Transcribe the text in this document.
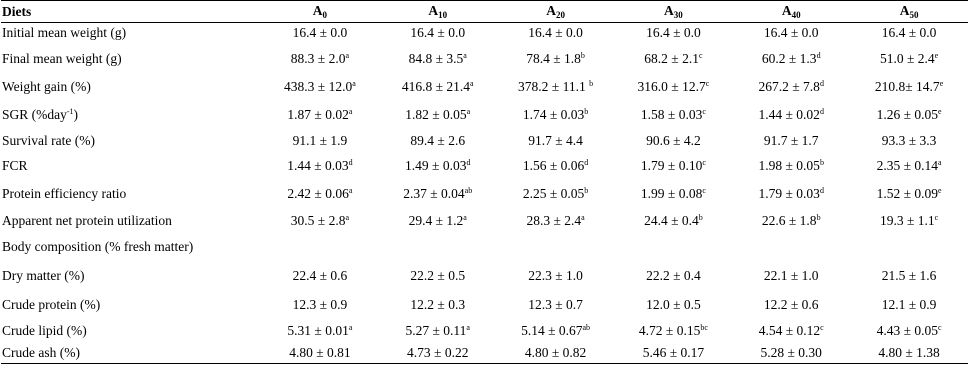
Diets	$A_0$	$A_{10}$	$A_{20}$	$A_{30}$	$A_{40}$	$A_{50}$
Initial mean weight (g)	16.4 ± 0.0	16.4 ± 0.0	16.4 ± 0.0	16.4 ± 0.0	16.4 ± 0.0	16.4 ± 0.0
Final mean weight (g)	88.3 ± 2.0$^a$	84.8 ± 3.5$^a$	78.4 ± 1.8$^b$	68.2 ± 2.1$^c$	60.2 ± 1.3$^d$	51.0 ± 2.4$^e$
Weight gain (%)	438.3 ± 12.0$^a$	416.8 ± 21.4$^a$	378.2 ± 11.1 $^b$	316.0 ± 12.7$^c$	267.2 ± 7.8$^d$	210.8± 14.7$^e$
SGR (%day$^{-1}$)	1.87 ± 0.02$^a$	1.82 ± 0.05$^a$	1.74 ± 0.03$^b$	1.58 ± 0.03$^c$	1.44 ± 0.02$^d$	1.26 ± 0.05$^e$
Survival rate (%)	91.1 ± 1.9	89.4 ± 2.6	91.7 ± 4.4	90.6 ± 4.2	91.7 ± 1.7	93.3 ± 3.3
FCR	1.44 ± 0.03$^d$	1.49 ± 0.03$^d$	1.56 ± 0.06$^d$	1.79 ± 0.10$^c$	1.98 ± 0.05$^b$	2.35 ± 0.14$^a$
Protein efficiency ratio	2.42 ± 0.06$^a$	2.37 ± 0.04$^{ab}$	2.25 ± 0.05$^b$	1.99 ± 0.08$^c$	1.79 ± 0.03$^d$	1.52 ± 0.09$^e$
Apparent net protein utilization	30.5 ± 2.8$^a$	29.4 ± 1.2$^a$	28.3 ± 2.4$^a$	24.4 ± 0.4$^b$	22.6 ± 1.8$^b$	19.3 ± 1.1$^c$
Body composition (% fresh matter)						
Dry matter (%)	22.4 ± 0.6	22.2 ± 0.5	22.3 ± 1.0	22.2 ± 0.4	22.1 ± 1.0	21.5 ± 1.6
Crude protein (%)	12.3 ± 0.9	12.2 ± 0.3	12.3 ± 0.7	12.0 ± 0.5	12.2 ± 0.6	12.1 ± 0.9
Crude lipid (%)	5.31 ± 0.01$^a$	5.27 ± 0.11$^a$	5.14 ± 0.67$^{ab}$	4.72 ± 0.15$^{bc}$	4.54 ± 0.12$^c$	4.43 ± 0.05$^c$
Crude ash (%)	4.80 ± 0.81	4.73 ± 0.22	4.80 ± 0.82	5.46 ± 0.17	5.28 ± 0.30	4.80 ± 1.38
